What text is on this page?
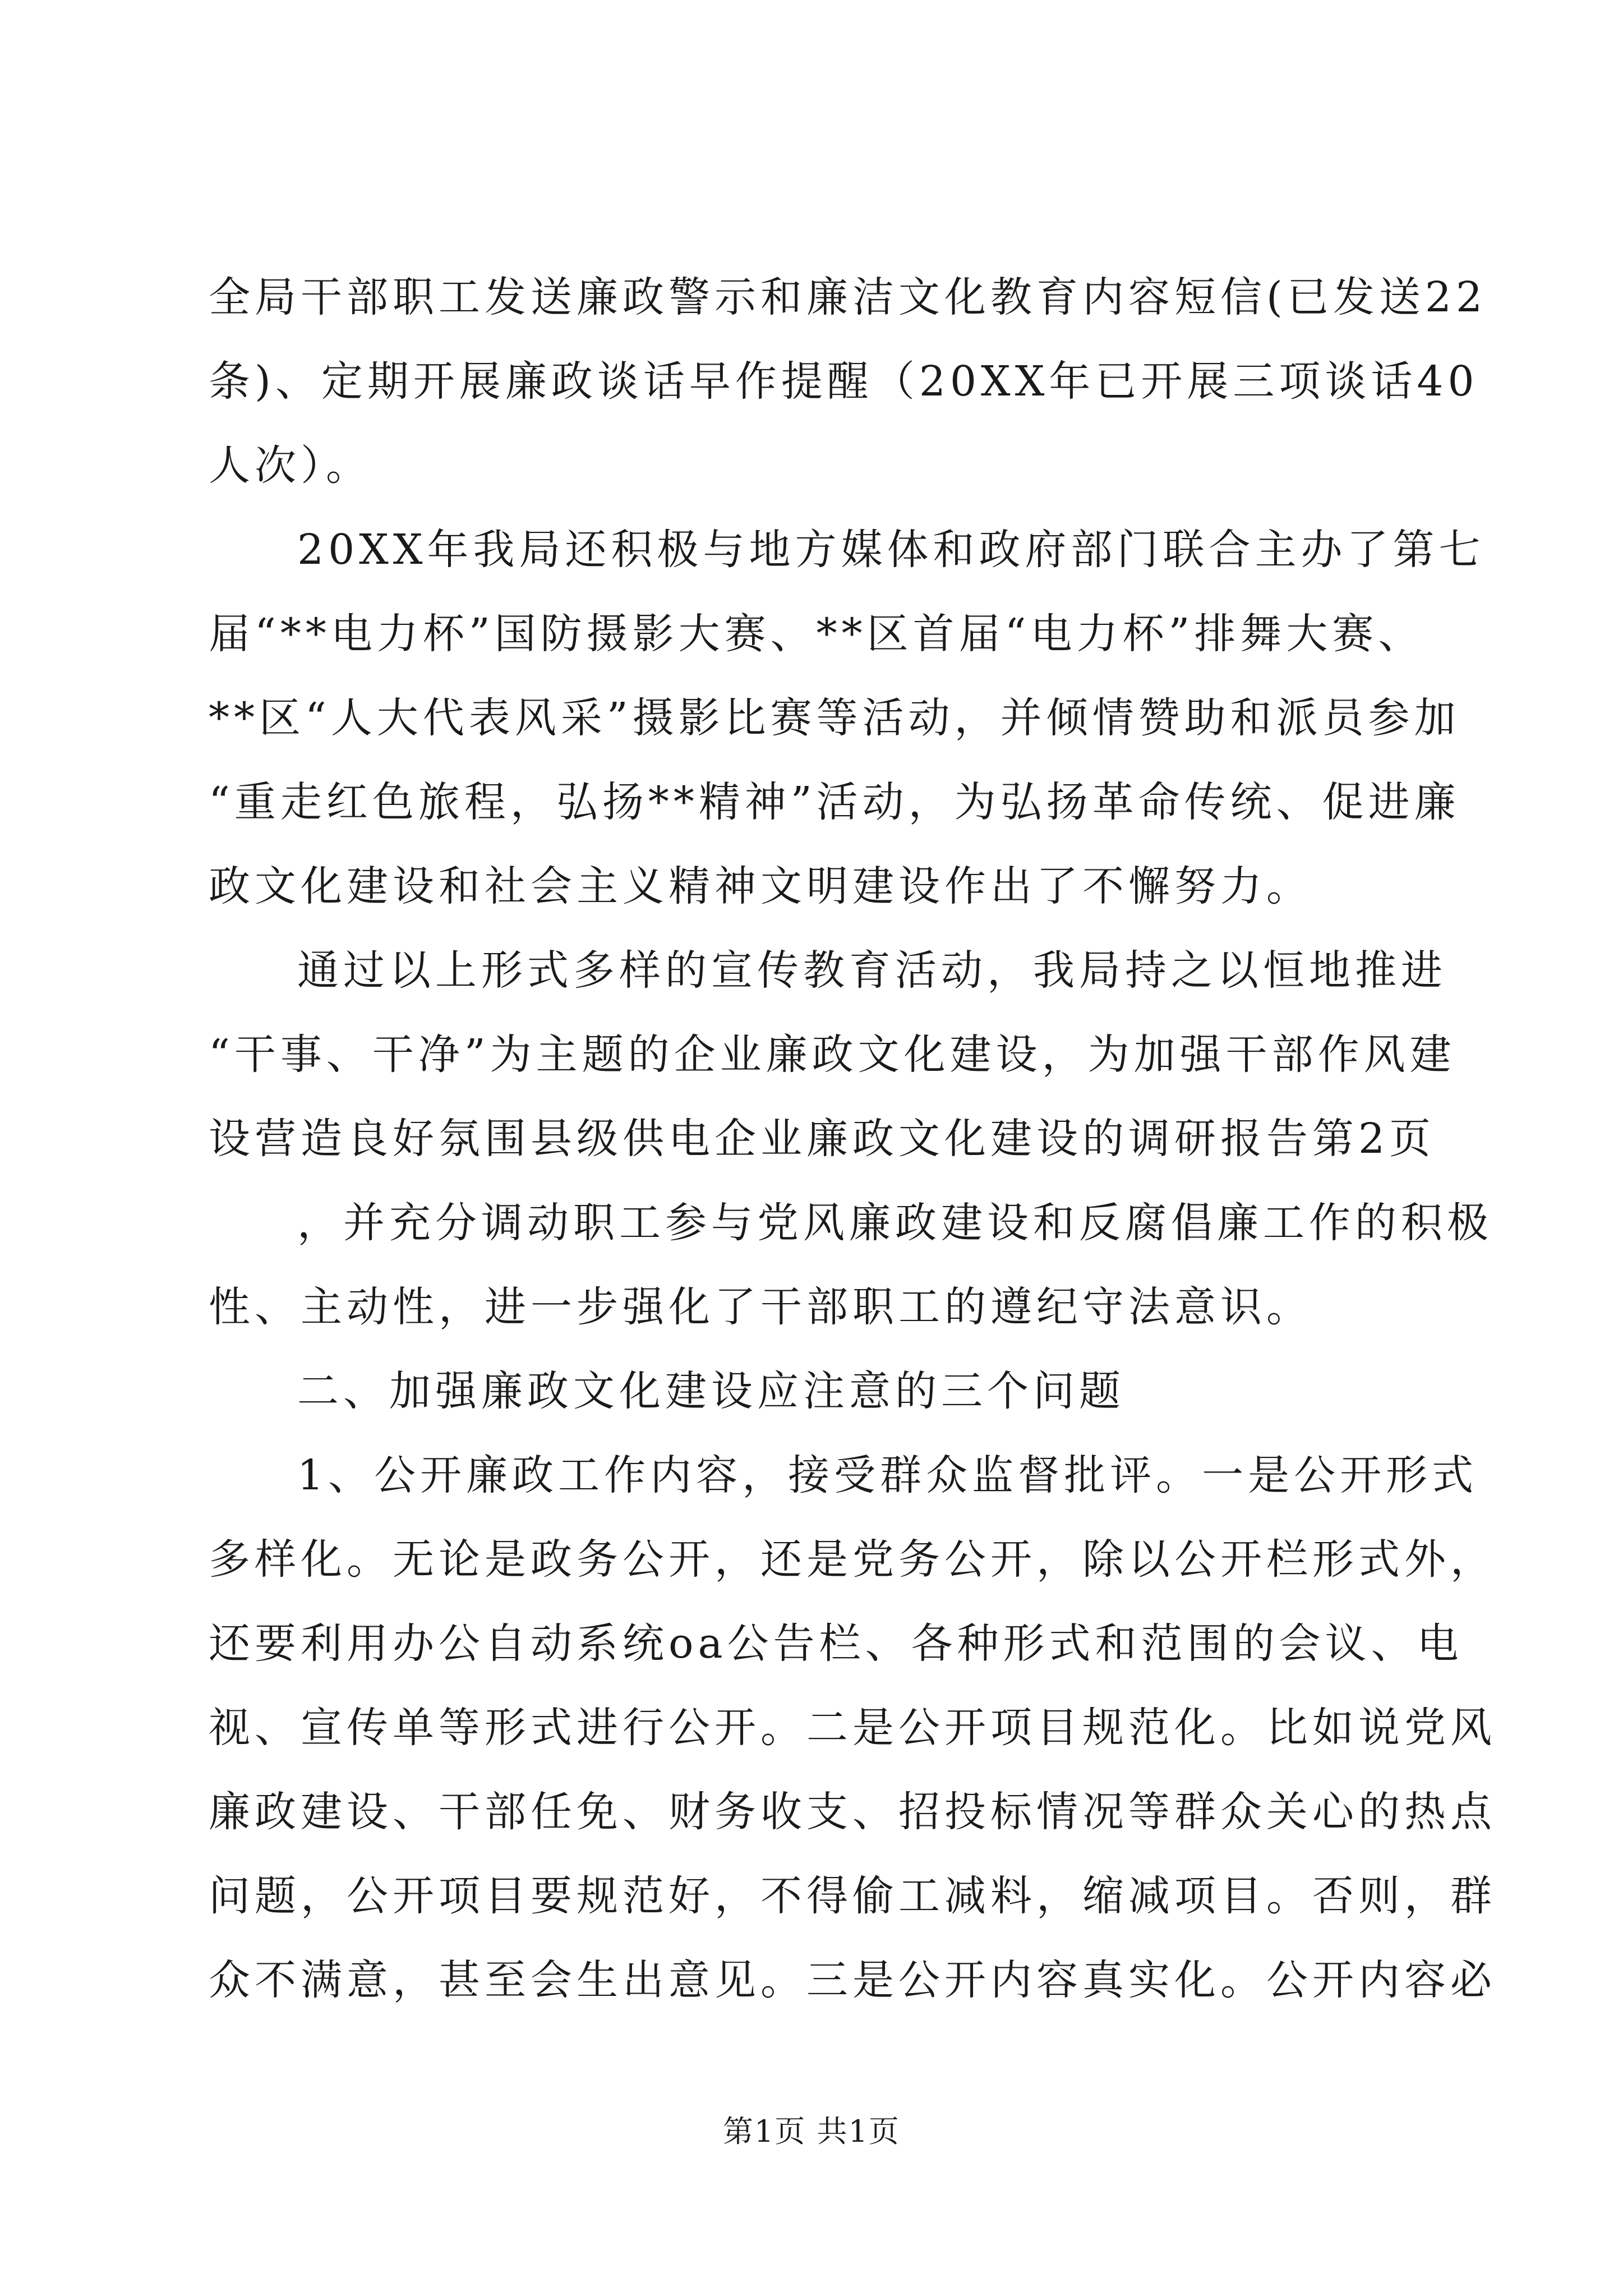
全局干部职工发送廉政警示和廉洁文化教育内容短信(已发送22
条)、定期开展廉政谈话早作提醒（20XX年已开展三项谈话40
人次）。
20XX年我局还积极与地方媒体和政府部门联合主办了第七
届“**电力杯”国防摄影大赛、**区首届“电力杯”排舞大赛、
**区“人大代表风采”摄影比赛等活动，并倾情赞助和派员参加
“重走红色旅程，弘扬**精神”活动，为弘扬革命传统、促进廉
政文化建设和社会主义精神文明建设作出了不懈努力。
通过以上形式多样的宣传教育活动，我局持之以恒地推进
“干事、干净”为主题的企业廉政文化建设，为加强干部作风建
设营造良好氛围县级供电企业廉政文化建设的调研报告第2页
，并充分调动职工参与党风廉政建设和反腐倡廉工作的积极
性、主动性，进一步强化了干部职工的遵纪守法意识。
二、加强廉政文化建设应注意的三个问题
1、公开廉政工作内容，接受群众监督批评。一是公开形式
多样化。无论是政务公开，还是党务公开，除以公开栏形式外，
还要利用办公自动系统oa公告栏、各种形式和范围的会议、电
视、宣传单等形式进行公开。二是公开项目规范化。比如说党风
廉政建设、干部任免、财务收支、招投标情况等群众关心的热点
问题，公开项目要规范好，不得偷工减料，缩减项目。否则，群
众不满意，甚至会生出意见。三是公开内容真实化。公开内容必
第1页 共1页
